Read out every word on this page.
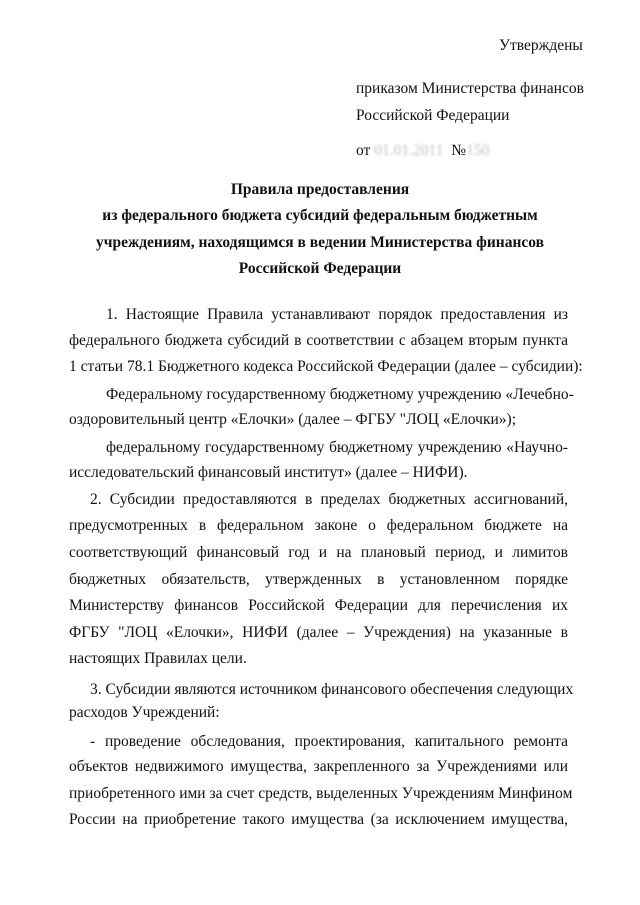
Утверждены
приказом Министерства финансов
Российской Федерации
от 01.01.2011 №150
Правила предоставления
из федерального бюджета субсидий федеральным бюджетным
учреждениям, находящимся в ведении Министерства финансов
Российской Федерации
1. Настоящие Правила устанавливают порядок предоставления из
федерального бюджета субсидий в соответствии с абзацем вторым пункта
1 статьи 78.1 Бюджетного кодекса Российской Федерации (далее – субсидии):
Федеральному государственному бюджетному учреждению «Лечебно-
оздоровительный центр «Елочки» (далее – ФГБУ "ЛОЦ «Елочки»);
федеральному государственному бюджетному учреждению «Научно-
исследовательский финансовый институт» (далее – НИФИ).
2. Субсидии предоставляются в пределах бюджетных ассигнований,
предусмотренных в федеральном законе о федеральном бюджете на
соответствующий финансовый год и на плановый период, и лимитов
бюджетных обязательств, утвержденных в установленном порядке
Министерству финансов Российской Федерации для перечисления их
ФГБУ "ЛОЦ «Елочки», НИФИ (далее – Учреждения) на указанные в
настоящих Правилах цели.
3. Субсидии являются источником финансового обеспечения следующих
расходов Учреждений:
- проведение обследования, проектирования, капитального ремонта
объектов недвижимого имущества, закрепленного за Учреждениями или
приобретенного ими за счет средств, выделенных Учреждениям Минфином
России на приобретение такого имущества (за исключением имущества,
